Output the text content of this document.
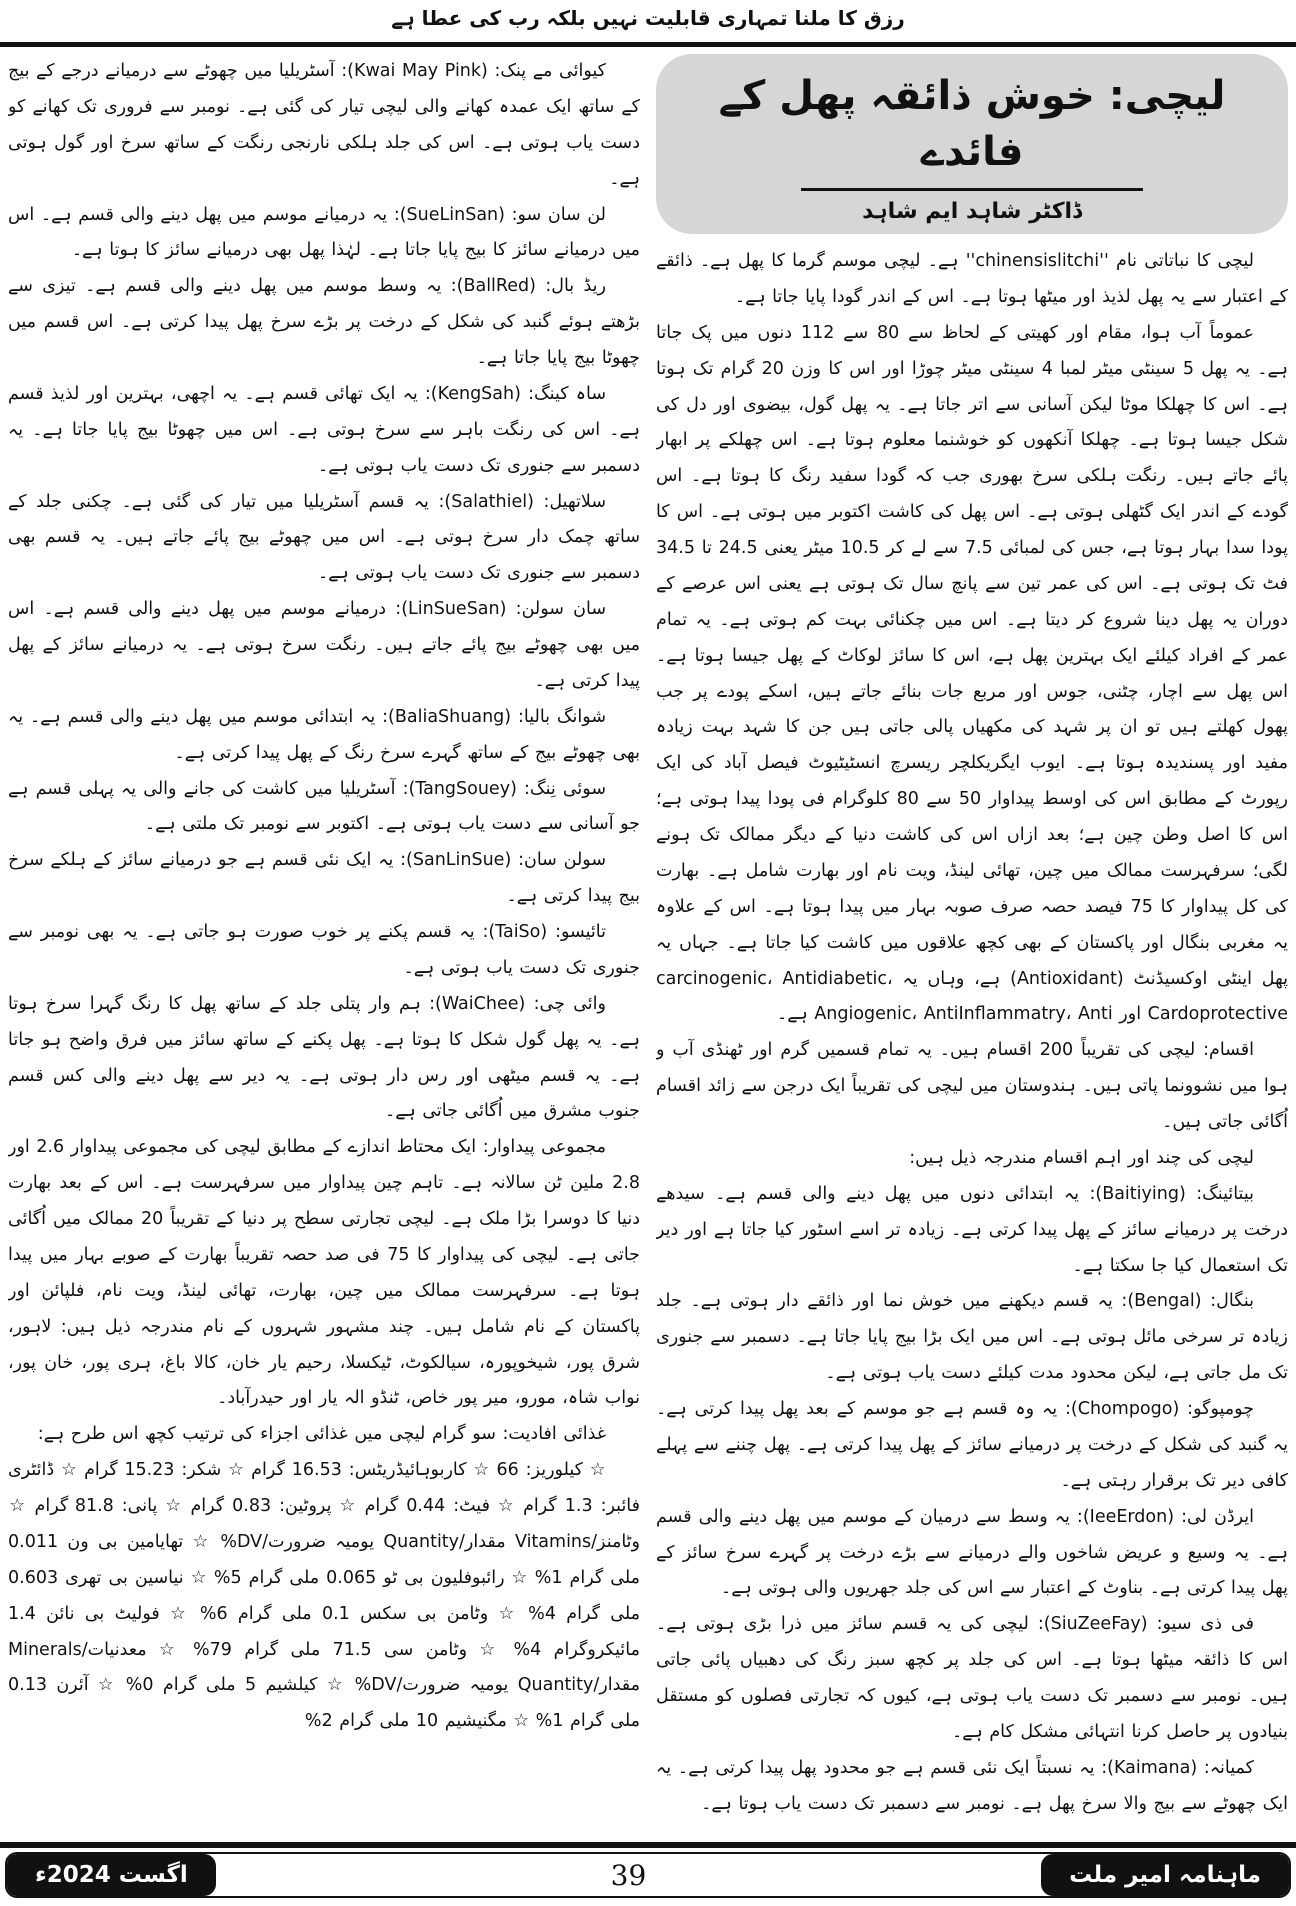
رزق کا ملنا تمہاری قابلیت نہیں بلکہ رب کی عطا ہے
لیچی: خوش ذائقہ پھل کے فائدے
ڈاکٹر شاہد ایم شاہد

لیچی کا نباتاتی نام ''chinensislitchi'' ہے۔ لیچی موسم گرما کا پھل ہے۔ ذائقے کے اعتبار سے یہ پھل لذیذ اور میٹھا ہوتا ہے۔ اس کے اندر گودا پایا جاتا ہے۔

عموماً آب ہوا، مقام اور کھیتی کے لحاظ سے 80 سے 112 دنوں میں پک جاتا ہے۔ یہ پھل 5 سینٹی میٹر لمبا 4 سینٹی میٹر چوڑا اور اس کا وزن 20 گرام تک ہوتا ہے۔ اس کا چھلکا موٹا لیکن آسانی سے اتر جاتا ہے۔ یہ پھل گول، بیضوی اور دل کی شکل جیسا ہوتا ہے۔ چھلکا آنکھوں کو خوشنما معلوم ہوتا ہے۔ اس چھلکے پر ابھار پائے جاتے ہیں۔ رنگت ہلکی سرخ بھوری جب کہ گودا سفید رنگ کا ہوتا ہے۔ اس گودے کے اندر ایک گٹھلی ہوتی ہے۔ اس پھل کی کاشت اکتوبر میں ہوتی ہے۔ اس کا پودا سدا بہار ہوتا ہے، جس کی لمبائی 7.5 سے لے کر 10.5 میٹر یعنی 24.5 تا 34.5 فٹ تک ہوتی ہے۔ اس کی عمر تین سے پانچ سال تک ہوتی ہے یعنی اس عرصے کے دوران یہ پھل دینا شروع کر دیتا ہے۔ اس میں چکنائی بہت کم ہوتی ہے۔ یہ تمام عمر کے افراد کیلئے ایک بہترین پھل ہے، اس کا سائز لوکاٹ کے پھل جیسا ہوتا ہے۔ اس پھل سے اچار، چٹنی، جوس اور مربع جات بنائے جاتے ہیں، اسکے پودے پر جب پھول کھلتے ہیں تو ان پر شہد کی مکھیاں پالی جاتی ہیں جن کا شہد بہت زیادہ مفید اور پسندیدہ ہوتا ہے۔ ایوب ایگریکلچر ریسرچ انسٹیٹیوٹ فیصل آباد کی ایک رپورٹ کے مطابق اس کی اوسط پیداوار 50 سے 80 کلوگرام فی پودا پیدا ہوتی ہے؛ اس کا اصل وطن چین ہے؛ بعد ازاں اس کی کاشت دنیا کے دیگر ممالک تک ہونے لگی؛ سرفہرست ممالک میں چین، تھائی لینڈ، ویت نام اور بھارت شامل ہے۔ بھارت کی کل پیداوار کا 75 فیصد حصہ صرف صوبہ بہار میں پیدا ہوتا ہے۔ اس کے علاوہ یہ مغربی بنگال اور پاکستان کے بھی کچھ علاقوں میں کاشت کیا جاتا ہے۔ جہاں یہ پھل اینٹی اوکسیڈنٹ (Antioxidant) ہے، وہاں یہ carcinogenic، Antidiabetic، Cardoprotective اور Angiogenic، AntiInflammatry، Anti ہے۔

اقسام: لیچی کی تقریباً 200 اقسام ہیں۔ یہ تمام قسمیں گرم اور ٹھنڈی آب و ہوا میں نشوونما پاتی ہیں۔ ہندوستان میں لیچی کی تقریباً ایک درجن سے زائد اقسام اُگائی جاتی ہیں۔

لیچی کی چند اور اہم اقسام مندرجہ ذیل ہیں:

بیتائینگ: (Baitiying): یہ ابتدائی دنوں میں پھل دینے والی قسم ہے۔ سیدھے درخت پر درمیانے سائز کے پھل پیدا کرتی ہے۔ زیادہ تر اسے اسٹور کیا جاتا ہے اور دیر تک استعمال کیا جا سکتا ہے۔

بنگال: (Bengal): یہ قسم دیکھنے میں خوش نما اور ذائقے دار ہوتی ہے۔ جلد زیادہ تر سرخی مائل ہوتی ہے۔ اس میں ایک بڑا بیج پایا جاتا ہے۔ دسمبر سے جنوری تک مل جاتی ہے، لیکن محدود مدت کیلئے دست یاب ہوتی ہے۔

چومپوگو: (Chompogo): یہ وہ قسم ہے جو موسم کے بعد پھل پیدا کرتی ہے۔ یہ گنبد کی شکل کے درخت پر درمیانے سائز کے پھل پیدا کرتی ہے۔ پھل چننے سے پہلے کافی دیر تک برقرار رہتی ہے۔

ایرڈن لی: (IeeErdon): یہ وسط سے درمیان کے موسم میں پھل دینے والی قسم ہے۔ یہ وسیع و عریض شاخوں والے درمیانے سے بڑے درخت پر گہرے سرخ سائز کے پھل پیدا کرتی ہے۔ بناوٹ کے اعتبار سے اس کی جلد جھریوں والی ہوتی ہے۔

فی ذی سیو: (SiuZeeFay): لیچی کی یہ قسم سائز میں ذرا بڑی ہوتی ہے۔ اس کا ذائقہ میٹھا ہوتا ہے۔ اس کی جلد پر کچھ سبز رنگ کی دھبیاں پائی جاتی ہیں۔ نومبر سے دسمبر تک دست یاب ہوتی ہے، کیوں کہ تجارتی فصلوں کو مستقل بنیادوں پر حاصل کرنا انتہائی مشکل کام ہے۔

کمیانہ: (Kaimana): یہ نسبتاً ایک نئی قسم ہے جو محدود پھل پیدا کرتی ہے۔ یہ ایک چھوٹے سے بیج والا سرخ پھل ہے۔ نومبر سے دسمبر تک دست یاب ہوتا ہے۔

کیوائی مے پنک: (Kwai May Pink): آسٹریلیا میں چھوٹے سے درمیانے درجے کے بیج کے ساتھ ایک عمدہ کھانے والی لیچی تیار کی گئی ہے۔ نومبر سے فروری تک کھانے کو دست یاب ہوتی ہے۔ اس کی جلد ہلکی نارنجی رنگت کے ساتھ سرخ اور گول ہوتی ہے۔

لن سان سو: (SueLinSan): یہ درمیانے موسم میں پھل دینے والی قسم ہے۔ اس میں درمیانے سائز کا بیج پایا جاتا ہے۔ لہٰذا پھل بھی درمیانے سائز کا ہوتا ہے۔

ریڈ بال: (BallRed): یہ وسط موسم میں پھل دینے والی قسم ہے۔ تیزی سے بڑھتے ہوئے گنبد کی شکل کے درخت پر بڑے سرخ پھل پیدا کرتی ہے۔ اس قسم میں چھوٹا بیج پایا جاتا ہے۔

ساہ کینگ: (KengSah): یہ ایک تھائی قسم ہے۔ یہ اچھی، بہترین اور لذیذ قسم ہے۔ اس کی رنگت باہر سے سرخ ہوتی ہے۔ اس میں چھوٹا بیج پایا جاتا ہے۔ یہ دسمبر سے جنوری تک دست یاب ہوتی ہے۔

سلاتھیل: (Salathiel): یہ قسم آسٹریلیا میں تیار کی گئی ہے۔ چکنی جلد کے ساتھ چمک دار سرخ ہوتی ہے۔ اس میں چھوٹے بیج پائے جاتے ہیں۔ یہ قسم بھی دسمبر سے جنوری تک دست یاب ہوتی ہے۔

سان سولن: (LinSueSan): درمیانے موسم میں پھل دینے والی قسم ہے۔ اس میں بھی چھوٹے بیج پائے جاتے ہیں۔ رنگت سرخ ہوتی ہے۔ یہ درمیانے سائز کے پھل پیدا کرتی ہے۔

شوانگ بالیا: (BaliaShuang): یہ ابتدائی موسم میں پھل دینے والی قسم ہے۔ یہ بھی چھوٹے بیج کے ساتھ گہرے سرخ رنگ کے پھل پیدا کرتی ہے۔

سوئی نِنگ: (TangSouey): آسٹریلیا میں کاشت کی جانے والی یہ پہلی قسم ہے جو آسانی سے دست یاب ہوتی ہے۔ اکتوبر سے نومبر تک ملتی ہے۔

سولن سان: (SanLinSue): یہ ایک نئی قسم ہے جو درمیانے سائز کے ہلکے سرخ بیج پیدا کرتی ہے۔

تائیسو: (TaiSo): یہ قسم پکنے پر خوب صورت ہو جاتی ہے۔ یہ بھی نومبر سے جنوری تک دست یاب ہوتی ہے۔

وائی چی: (WaiChee): ہم وار پتلی جلد کے ساتھ پھل کا رنگ گہرا سرخ ہوتا ہے۔ یہ پھل گول شکل کا ہوتا ہے۔ پھل پکنے کے ساتھ سائز میں فرق واضح ہو جاتا ہے۔ یہ قسم میٹھی اور رس دار ہوتی ہے۔ یہ دیر سے پھل دینے والی کس قسم جنوب مشرق میں اُگائی جاتی ہے۔

مجموعی پیداوار: ایک محتاط اندازے کے مطابق لیچی کی مجموعی پیداوار 2.6 اور 2.8 ملین ٹن سالانہ ہے۔ تاہم چین پیداوار میں سرفہرست ہے۔ اس کے بعد بھارت دنیا کا دوسرا بڑا ملک ہے۔ لیچی تجارتی سطح پر دنیا کے تقریباً 20 ممالک میں اُگائی جاتی ہے۔ لیچی کی پیداوار کا 75 فی صد حصہ تقریباً بھارت کے صوبے بہار میں پیدا ہوتا ہے۔ سرفہرست ممالک میں چین، بھارت، تھائی لینڈ، ویت نام، فلپائن اور پاکستان کے نام شامل ہیں۔ چند مشہور شہروں کے نام مندرجہ ذیل ہیں: لاہور، شرق پور، شیخوپورہ، سیالکوٹ، ٹیکسلا، رحیم یار خان، کالا باغ، ہری پور، خان پور، نواب شاہ، مورو، میر پور خاص، ٹنڈو الہ یار اور حیدرآباد۔

غذائی افادیت: سو گرام لیچی میں غذائی اجزاء کی ترتیب کچھ اس طرح ہے:

☆ کیلوریز: 66 ☆ کاربوہائیڈریٹس: 16.53 گرام ☆ شکر: 15.23 گرام ☆ ڈائٹری فائبر: 1.3 گرام ☆ فیٹ: 0.44 گرام ☆ پروٹین: 0.83 گرام ☆ پانی: 81.8 گرام ☆ وٹامنز/Vitamins مقدار/Quantity یومیہ ضرورت/DV% ☆ تھایامین بی ون 0.011 ملی گرام 1% ☆ رائبوفلیون بی ٹو 0.065 ملی گرام 5% ☆ نیاسین بی تھری 0.603 ملی گرام 4% ☆ وٹامن بی سکس 0.1 ملی گرام 6% ☆ فولیٹ بی نائن 1.4 مائیکروگرام 4% ☆ وٹامن سی 71.5 ملی گرام 79% ☆ معدنیات/Minerals مقدار/Quantity یومیہ ضرورت/DV% ☆ کیلشیم 5 ملی گرام 0% ☆ آئرن 0.13 ملی گرام 1% ☆ مگنیشیم 10 ملی گرام 2%

ماہنامہ امیر ملت
39
اگست 2024ء
